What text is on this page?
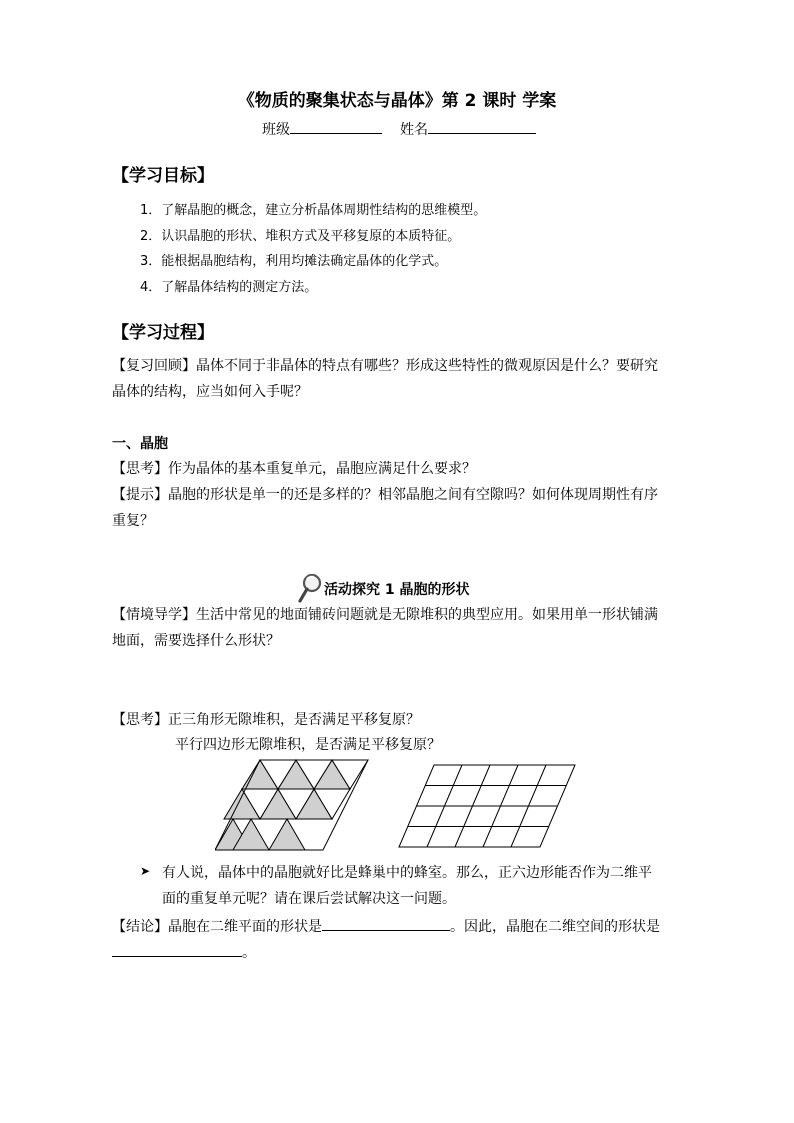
《物质的聚集状态与晶体》第 2 课时 学案
班级	姓名
【学习目标】
1．了解晶胞的概念，建立分析晶体周期性结构的思维模型。
2．认识晶胞的形状、堆积方式及平移复原的本质特征。
3．能根据晶胞结构，利用均摊法确定晶体的化学式。
4．了解晶体结构的测定方法。
【学习过程】
【复习回顾】晶体不同于非晶体的特点有哪些？形成这些特性的微观原因是什么？要研究
晶体的结构，应当如何入手呢？
一、晶胞
【思考】作为晶体的基本重复单元，晶胞应满足什么要求？
【提示】晶胞的形状是单一的还是多样的？相邻晶胞之间有空隙吗？如何体现周期性有序
重复？
活动探究 1 晶胞的形状
【情境导学】生活中常见的地面铺砖问题就是无隙堆积的典型应用。如果用单一形状铺满
地面，需要选择什么形状？
【思考】正三角形无隙堆积，是否满足平移复原？
平行四边形无隙堆积，是否满足平移复原？
➤ 有人说，晶体中的晶胞就好比是蜂巢中的蜂室。那么，正六边形能否作为二维平
面的重复单元呢？请在课后尝试解决这一问题。
【结论】晶胞在二维平面的形状是	。因此，晶胞在二维空间的形状是
。
